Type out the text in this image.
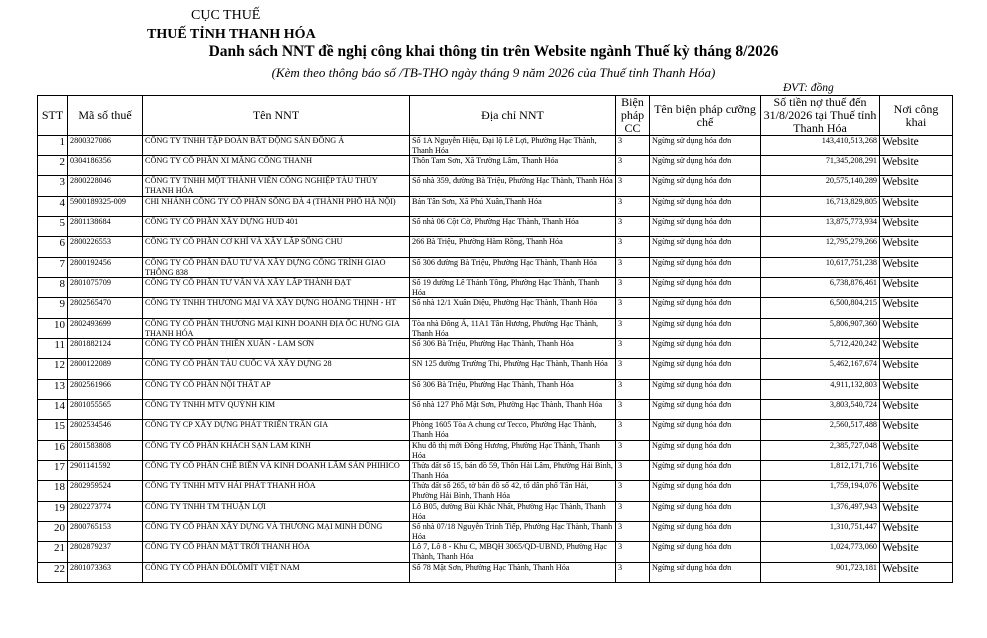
CỤC THUẾ
THUẾ TỈNH THANH HÓA
Danh sách NNT đề nghị công khai thông tin trên Website ngành Thuế kỳ tháng 8/2026
(Kèm theo thông báo số /TB-THO ngày tháng 9 năm 2026 của Thuế tỉnh Thanh Hóa)
ĐVT: đồng
STT	Mã số thuế	Tên NNT	Địa chỉ NNT	Biện pháp CC	Tên biện pháp cưỡng chế	Số tiền nợ thuế đến 31/8/2026 tại Thuế tỉnh Thanh Hóa	Nơi công khai
1	2800327086	CÔNG TY TNHH TẬP ĐOÀN BẤT ĐỘNG SẢN ĐÔNG Á	Số 1A Nguyễn Hiệu, Đại lộ Lê Lợi, Phường Hạc Thành, Thanh Hóa	3	Ngừng sử dụng hóa đơn	143,410,513,268	Website
2	0304186356	CÔNG TY CỔ PHẦN XI MĂNG CÔNG THANH	Thôn Tam Sơn, Xã Trường Lâm, Thanh Hóa	3	Ngừng sử dụng hóa đơn	71,345,208,291	Website
3	2800228046	CÔNG TY TNHH MỘT THÀNH VIÊN CÔNG NGHIỆP TÀU THỦY THANH HÓA	Số nhà 359, đường Bà Triệu, Phường Hạc Thành, Thanh Hóa	3	Ngừng sử dụng hóa đơn	20,575,140,289	Website
4	5900189325-009	CHI NHÁNH CÔNG TY CỔ PHẦN SÔNG ĐÀ 4 (THÀNH PHỐ HÀ NỘI)	Bản Tân Sơn, Xã Phú Xuân,Thanh Hóa	3	Ngừng sử dụng hóa đơn	16,713,829,805	Website
5	2801138684	CÔNG TY CỔ PHẦN XÂY DỰNG HUD 401	Số nhà 06 Cột Cờ, Phường Hạc Thành, Thanh Hóa	3	Ngừng sử dụng hóa đơn	13,875,773,934	Website
6	2800226553	CÔNG TY CỔ PHẦN CƠ KHÍ VÀ XÂY LẮP SÔNG CHU	266 Bà Triệu, Phường Hàm Rồng, Thanh Hóa	3	Ngừng sử dụng hóa đơn	12,795,279,266	Website
7	2800192456	CÔNG TY CỔ PHẦN ĐẦU TƯ VÀ XÂY DỰNG CÔNG TRÌNH GIAO THÔNG 838	Số 306 đường Bà Triệu, Phường Hạc Thành, Thanh Hóa	3	Ngừng sử dụng hóa đơn	10,617,751,238	Website
8	2801075709	CÔNG TY CỔ PHẦN TƯ VẤN VÀ XÂY LẮP THÀNH ĐẠT	Số 19 đường Lê Thánh Tông, Phường Hạc Thành, Thanh Hóa	3	Ngừng sử dụng hóa đơn	6,738,876,461	Website
9	2802565470	CÔNG TY TNHH THƯƠNG MẠI VÀ XÂY DỰNG HOÀNG THỊNH - HT	Số nhà 12/1 Xuân Diệu, Phường Hạc Thành, Thanh Hóa	3	Ngừng sử dụng hóa đơn	6,500,804,215	Website
10	2802493699	CÔNG TY CỔ PHẦN THƯƠNG MẠI KINH DOANH ĐỊA ỐC HƯNG GIA THANH HÓA	Tòa nhà Đông Á, 11A1 Tân Hương, Phường Hạc Thành, Thanh Hóa	3	Ngừng sử dụng hóa đơn	5,806,907,360	Website
11	2801882124	CÔNG TY CỔ PHẦN THIÊN XUÂN - LAM SƠN	Số 306 Bà Triệu, Phường Hạc Thành, Thanh Hóa	3	Ngừng sử dụng hóa đơn	5,712,420,242	Website
12	2800122089	CÔNG TY CỔ PHẦN TÀU CUỐC VÀ XÂY DỰNG 28	SN 125 đường Trường Thi, Phường Hạc Thành, Thanh Hóa	3	Ngừng sử dụng hóa đơn	5,462,167,674	Website
13	2802561966	CÔNG TY CỔ PHẦN NỘI THẤT AP	Số 306 Bà Triệu, Phường Hạc Thành, Thanh Hóa	3	Ngừng sử dụng hóa đơn	4,911,132,803	Website
14	2801055565	CÔNG TY TNHH MTV QUỲNH KIM	Số nhà 127 Phố Mật Sơn, Phường Hạc Thành, Thanh Hóa	3	Ngừng sử dụng hóa đơn	3,803,540,724	Website
15	2802534546	CÔNG TY CP XÂY DỰNG PHÁT TRIỂN TRẦN GIA	Phòng 1605 Tòa A chung cư Tecco, Phường Hạc Thành, Thanh Hóa	3	Ngừng sử dụng hóa đơn	2,560,517,488	Website
16	2801583808	CÔNG TY CỔ PHẦN KHÁCH SẠN LAM KINH	Khu đô thị mới Đông Hương, Phường Hạc Thành, Thanh Hóa	3	Ngừng sử dụng hóa đơn	2,385,727,048	Website
17	2901141592	CÔNG TY CỔ PHẦN CHẾ BIẾN VÀ KINH DOANH LÂM SẢN PHIHICO	Thửa đất số 15, bản đồ 59, Thôn Hải Lâm, Phường Hải Bình, Thanh Hóa	3	Ngừng sử dụng hóa đơn	1,812,171,716	Website
18	2802959524	CÔNG TY TNHH MTV HẢI PHÁT THANH HÓA	Thửa đất số 265, tờ bản đồ số 42, tổ dân phố Tân Hải, Phường Hải Bình, Thanh Hóa	3	Ngừng sử dụng hóa đơn	1,759,194,076	Website
19	2802273774	CÔNG TY TNHH TM THUẬN LỢI	Lô B05, đường Bùi Khắc Nhất, Phường Hạc Thành, Thanh Hóa	3	Ngừng sử dụng hóa đơn	1,376,497,943	Website
20	2800765153	CÔNG TY CỔ PHẦN XÂY DỰNG VÀ THƯƠNG MẠI MINH DŨNG	Số nhà 07/18 Nguyễn Trinh Tiếp, Phường Hạc Thành, Thanh Hóa	3	Ngừng sử dụng hóa đơn	1,310,751,447	Website
21	2802879237	CÔNG TY CỔ PHẦN MẶT TRỜI THANH HÓA	Lô 7, Lô 8 - Khu C, MBQH 3065/QD-UBND, Phường Hạc Thành, Thanh Hóa	3	Ngừng sử dụng hóa đơn	1,024,773,060	Website
22	2801073363	CÔNG TY CỔ PHẦN ĐÔLÔMÍT VIỆT NAM	Số 78 Mật Sơn, Phường Hạc Thành, Thanh Hóa	3	Ngừng sử dụng hóa đơn	901,723,181	Website
